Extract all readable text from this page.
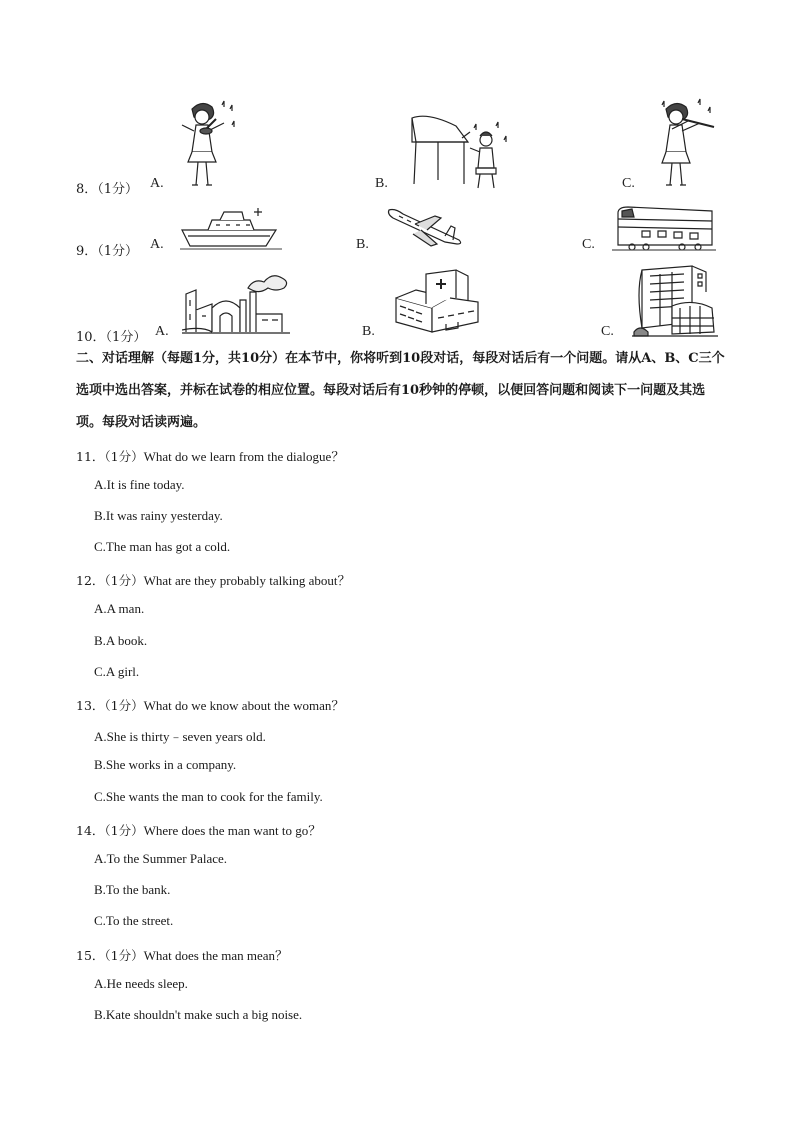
8．（1分） A.	B.	C.
9．（1分） A.	B.	C.
10．（1分） A.	B.	C.
二、对话理解（每题1分，共10分）在本节中，你将听到10段对话，每段对话后有一个问题。请从A、B、C三个选项中选出答案，并标在试卷的相应位置。每段对话后有10秒钟的停顿，以便回答问题和阅读下一问题及其选项。每段对话读两遍。
11．（1分）What do we learn from the dialogue？
A.It is fine today.
B.It was rainy yesterday.
C.The man has got a cold.
12．（1分）What are they probably talking about？
A.A man.
B.A book.
C.A girl.
13．（1分）What do we know about the woman？
A.She is thirty﹣seven years old.
B.She works in a company.
C.She wants the man to cook for the family.
14．（1分）Where does the man want to go？
A.To the Summer Palace.
B.To the bank.
C.To the street.
15．（1分）What does the man mean？
A.He needs sleep.
B.Kate shouldn't make such a big noise.
